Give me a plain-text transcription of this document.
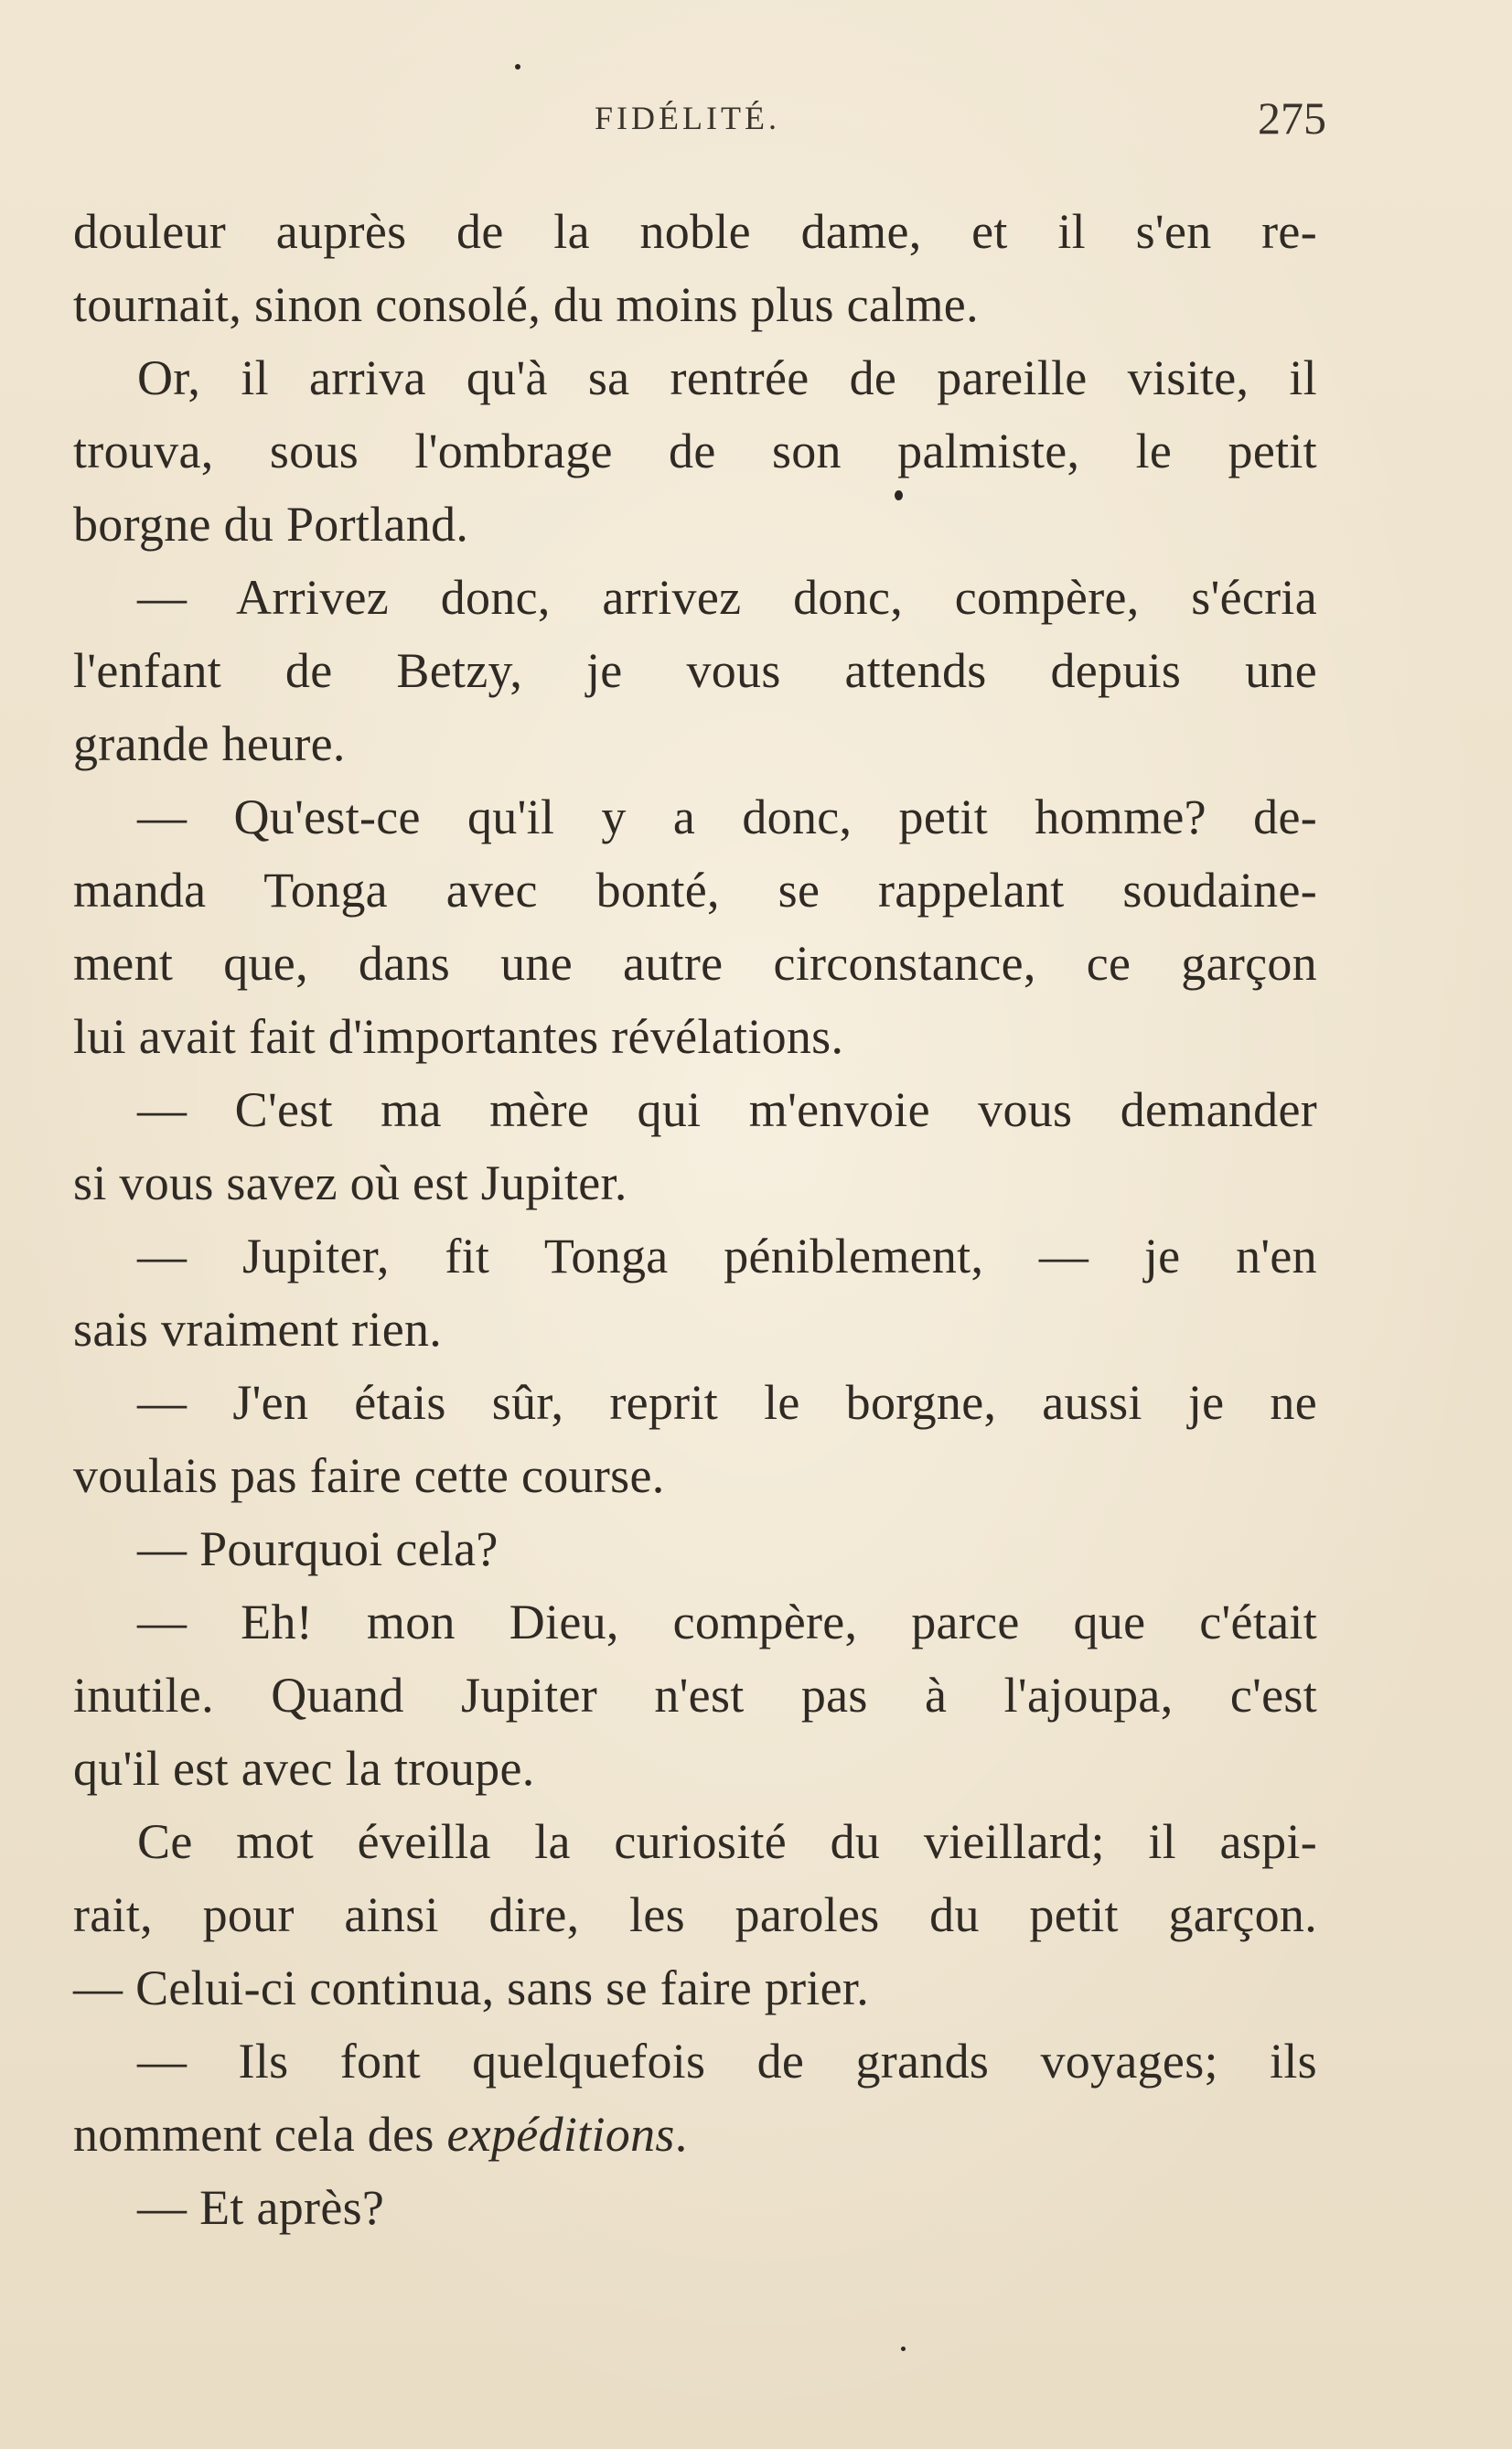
FIDÉLITÉ.	275
douleur auprès de la noble dame, et il s'en re-
tournait, sinon consolé, du moins plus calme.
Or, il arriva qu'à sa rentrée de pareille visite, il
trouva, sous l'ombrage de son palmiste, le petit
borgne du Portland.
— Arrivez donc, arrivez donc, compère, s'écria
l'enfant de Betzy, je vous attends depuis une
grande heure.
— Qu'est-ce qu'il y a donc, petit homme? de-
manda Tonga avec bonté, se rappelant soudaine-
ment que, dans une autre circonstance, ce garçon
lui avait fait d'importantes révélations.
— C'est ma mère qui m'envoie vous demander
si vous savez où est Jupiter.
— Jupiter, fit Tonga péniblement, — je n'en
sais vraiment rien.
— J'en étais sûr, reprit le borgne, aussi je ne
voulais pas faire cette course.
— Pourquoi cela?
— Eh! mon Dieu, compère, parce que c'était
inutile. Quand Jupiter n'est pas à l'ajoupa, c'est
qu'il est avec la troupe.
Ce mot éveilla la curiosité du vieillard; il aspi-
rait, pour ainsi dire, les paroles du petit garçon.
— Celui-ci continua, sans se faire prier.
— Ils font quelquefois de grands voyages; ils
nomment cela des expéditions.
— Et après?
